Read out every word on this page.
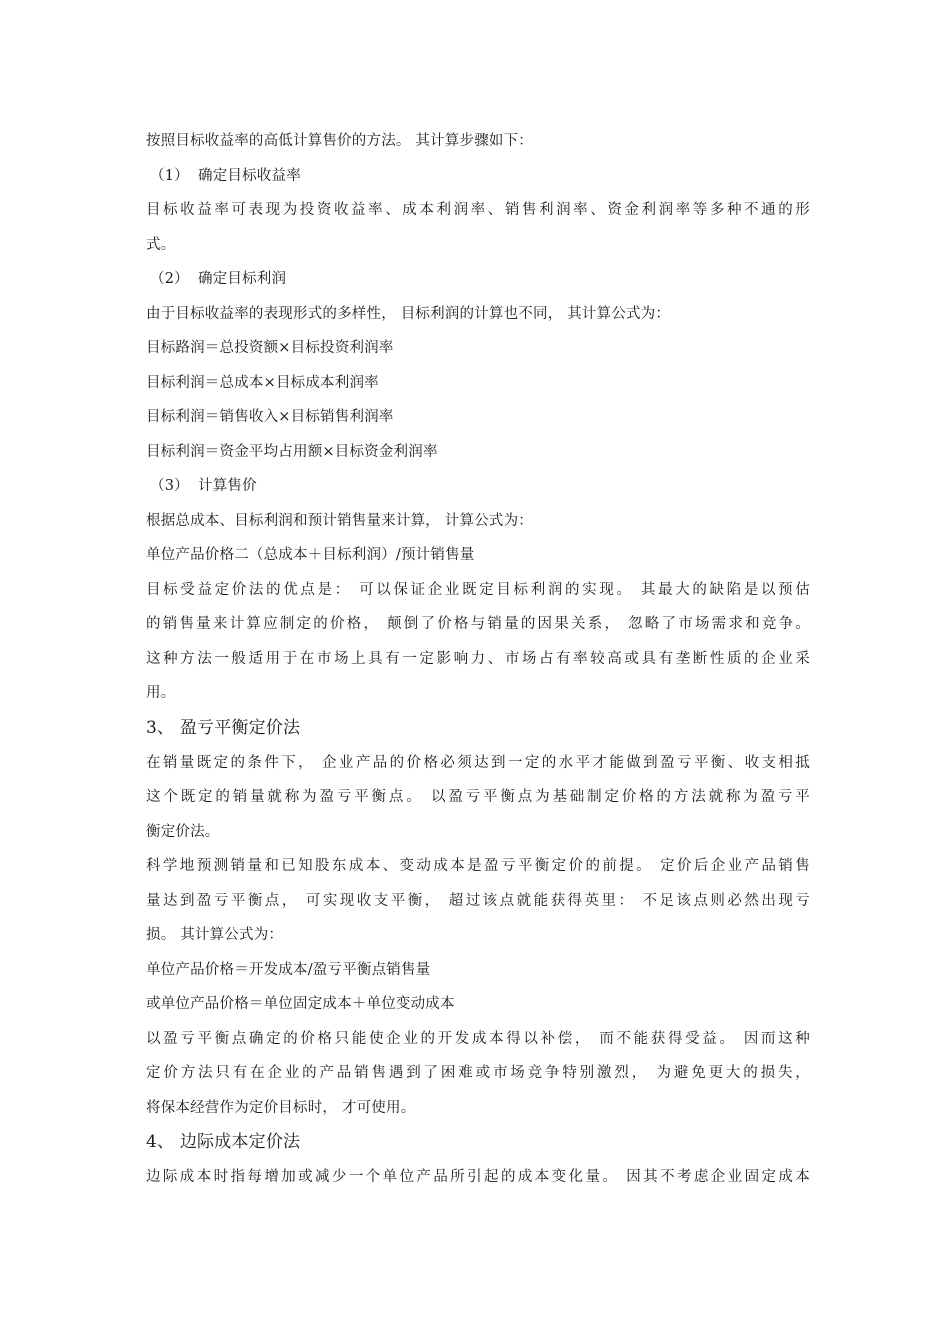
按照目标收益率的高低计算售价的方法。 其计算步骤如下：
（1） 确定目标收益率
目标收益率可表现为投资收益率、成本利润率、销售利润率、资金利润率等多种不通的形
式。
（2） 确定目标利润
由于目标收益率的表现形式的多样性， 目标利润的计算也不同， 其计算公式为：
目标路润＝总投资额×目标投资利润率
目标利润＝总成本×目标成本利润率
目标利润＝销售收入×目标销售利润率
目标利润＝资金平均占用额×目标资金利润率
（3） 计算售价
根据总成本、目标利润和预计销售量来计算， 计算公式为：
单位产品价格二（总成本＋目标利润）/预计销售量
目标受益定价法的优点是： 可以保证企业既定目标利润的实现。 其最大的缺陷是以预估
的销售量来计算应制定的价格， 颠倒了价格与销量的因果关系， 忽略了市场需求和竞争。
这种方法一般适用于在市场上具有一定影响力、市场占有率较高或具有垄断性质的企业采
用。
3、 盈亏平衡定价法
在销量既定的条件下， 企业产品的价格必须达到一定的水平才能做到盈亏平衡、收支相抵
这个既定的销量就称为盈亏平衡点。 以盈亏平衡点为基础制定价格的方法就称为盈亏平
衡定价法。
科学地预测销量和已知股东成本、变动成本是盈亏平衡定价的前提。 定价后企业产品销售
量达到盈亏平衡点， 可实现收支平衡， 超过该点就能获得英里： 不足该点则必然出现亏
损。 其计算公式为：
单位产品价格＝开发成本/盈亏平衡点销售量
或单位产品价格＝单位固定成本＋单位变动成本
以盈亏平衡点确定的价格只能使企业的开发成本得以补偿， 而不能获得受益。 因而这种
定价方法只有在企业的产品销售遇到了困难或市场竞争特别激烈， 为避免更大的损失，
将保本经营作为定价目标时， 才可使用。
4、 边际成本定价法
边际成本时指每增加或减少一个单位产品所引起的成本变化量。 因其不考虑企业固定成本
